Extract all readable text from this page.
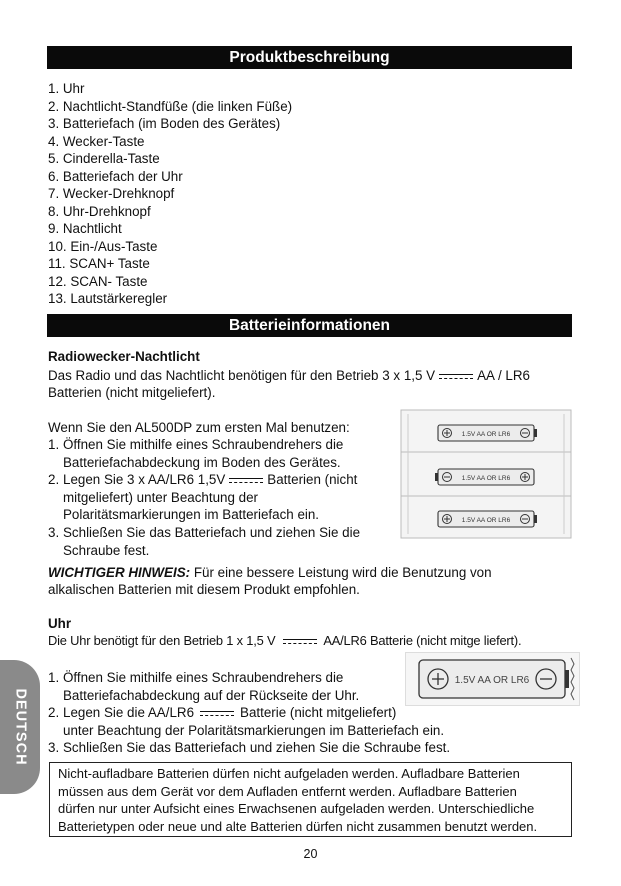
Produktbeschreibung
1. Uhr
2. Nachtlicht-Standfüße (die linken Füße)
3. Batteriefach (im Boden des Gerätes)
4. Wecker-Taste
5. Cinderella-Taste
6. Batteriefach der Uhr
7. Wecker-Drehknopf
8. Uhr-Drehknopf
9. Nachtlicht
10. Ein-/Aus-Taste
11. SCAN+ Taste
12. SCAN- Taste
13. Lautstärkeregler
Batterieinformationen
Radiowecker-Nachtlicht
Das Radio und das Nachtlicht benötigen für den Betrieb 3 x 1,5 V	AA / LR6
Batterien (nicht mitgeliefert).
Wenn Sie den AL500DP zum ersten Mal benutzen:
1. Öffnen Sie mithilfe eines Schraubendrehers die
Batteriefachabdeckung im Boden des Gerätes.
2. Legen Sie 3 x AA/LR6 1,5V	Batterien (nicht
mitgeliefert) unter Beachtung der
Polaritätsmarkierungen im Batteriefach ein.
3. Schließen Sie das Batteriefach und ziehen Sie die
Schraube fest.
1.5V AA OR LR6
1.5V AA OR LR6
1.5V AA OR LR6
WICHTIGER HINWEIS: Für eine bessere Leistung wird die Benutzung von
alkalischen Batterien mit diesem Produkt empfohlen.
Uhr
Die Uhr benötigt für den Betrieb 1 x 1,5 V	AA/LR6 Batterie (nicht mitge liefert).
1. Öffnen Sie mithilfe eines Schraubendrehers die
Batteriefachabdeckung auf der Rückseite der Uhr.
2. Legen Sie die AA/LR6	Batterie (nicht mitgeliefert)
unter Beachtung der Polaritätsmarkierungen im Batteriefach ein.
3. Schließen Sie das Batteriefach und ziehen Sie die Schraube fest.
1.5V AA OR LR6
DEUTSCH
Nicht-aufladbare Batterien dürfen nicht aufgeladen werden. Aufladbare Batterien
müssen aus dem Gerät vor dem Aufladen entfernt werden. Aufladbare Batterien
dürfen nur unter Aufsicht eines Erwachsenen aufgeladen werden. Unterschiedliche
Batterietypen oder neue und alte Batterien dürfen nicht zusammen benutzt werden.
20
